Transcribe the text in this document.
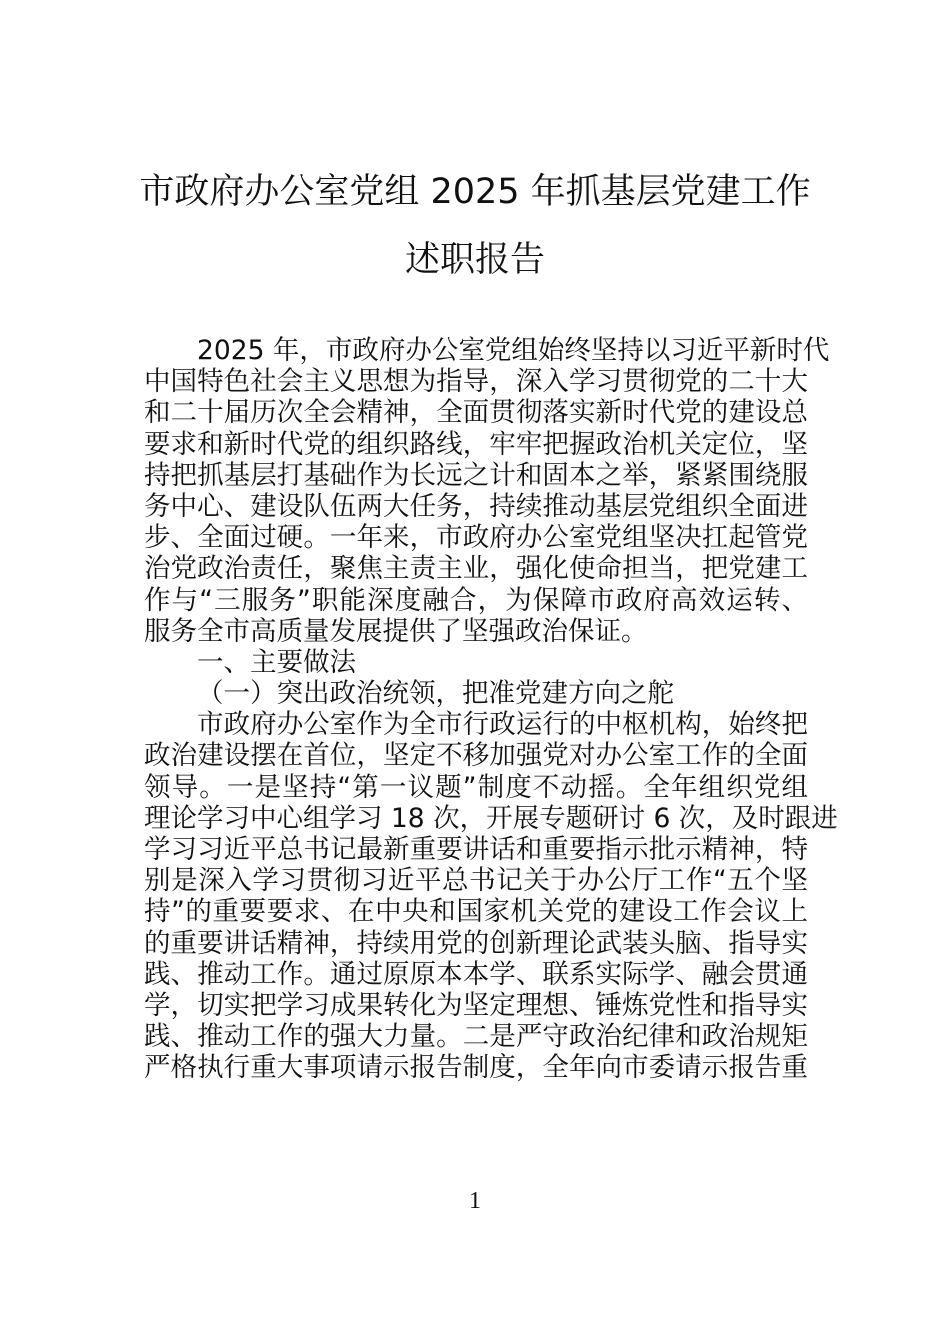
市政府办公室党组 2025 年抓基层党建工作
述职报告
2025 年，市政府办公室党组始终坚持以习近平新时代
中国特色社会主义思想为指导，深入学习贯彻党的二十大
和二十届历次全会精神，全面贯彻落实新时代党的建设总
要求和新时代党的组织路线，牢牢把握政治机关定位，坚
持把抓基层打基础作为长远之计和固本之举，紧紧围绕服
务中心、建设队伍两大任务，持续推动基层党组织全面进
步、全面过硬。一年来，市政府办公室党组坚决扛起管党
治党政治责任，聚焦主责主业，强化使命担当，把党建工
作与“三服务”职能深度融合，为保障市政府高效运转、
服务全市高质量发展提供了坚强政治保证。
一、主要做法
（一）突出政治统领，把准党建方向之舵
市政府办公室作为全市行政运行的中枢机构，始终把
政治建设摆在首位，坚定不移加强党对办公室工作的全面
领导。一是坚持“第一议题”制度不动摇。全年组织党组
理论学习中心组学习 18 次，开展专题研讨 6 次，及时跟进
学习习近平总书记最新重要讲话和重要指示批示精神，特
别是深入学习贯彻习近平总书记关于办公厅工作“五个坚
持”的重要要求、在中央和国家机关党的建设工作会议上
的重要讲话精神，持续用党的创新理论武装头脑、指导实
践、推动工作。通过原原本本学、联系实际学、融会贯通
学，切实把学习成果转化为坚定理想、锤炼党性和指导实
践、推动工作的强大力量。二是严守政治纪律和政治规矩
严格执行重大事项请示报告制度，全年向市委请示报告重
1
